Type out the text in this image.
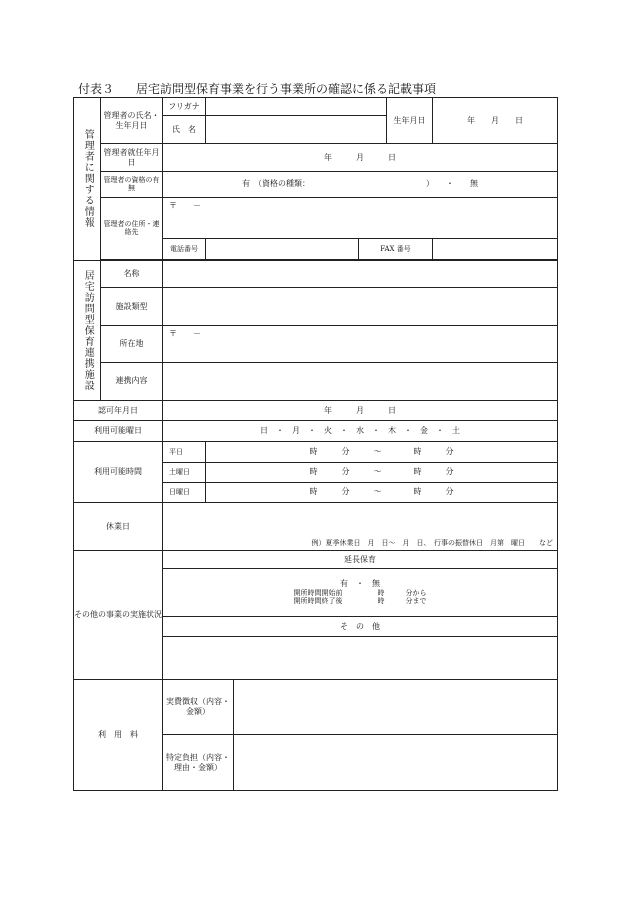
付表３ 居宅訪問型保育事業を行う事業所の確認に係る記載事項
管理者に関する情報	管理者の氏名・生年月日	フリガナ				生年月日	年　　月　　日
		氏　名					
	管理者就任年月日	年　　　月　　　日					
	管理者の資格の有無	有　（資格の種類：　　　　　　　　　　　　　　　）　　・　　無					
	管理者の住所・連絡先	〒　　－					
		電話番号			FAX 番号		

居宅訪問型保育連携施設	名称						
	施設類型						
	所在地	〒　　－					
	連携内容						
認可年月日		年　　　月　　　日					
利用可能曜日		日　・　月　・　火　・　水　・　木　・　金　・　土					
利用可能時間		平日	時　　　分　　　～　　　　時　　　分				
		土曜日	時　　　分　　　～　　　　時　　　分				
		日曜日	時　　　分　　　～　　　　時　　　分				
休業日		例）夏季休業日　月　日～　月　日、　行事の振替休日　月第　曜日　　など					
その他の事業の実施状況		延長保育					

		有　・　無
開所時間開始前　　　　　時　　　分から
開所時間終了後　　　　　時　　　分まで					

		そ　の　他					

利　用　料		実費徴収（内容・金額）					
		特定負担（内容・理由・金額）					
